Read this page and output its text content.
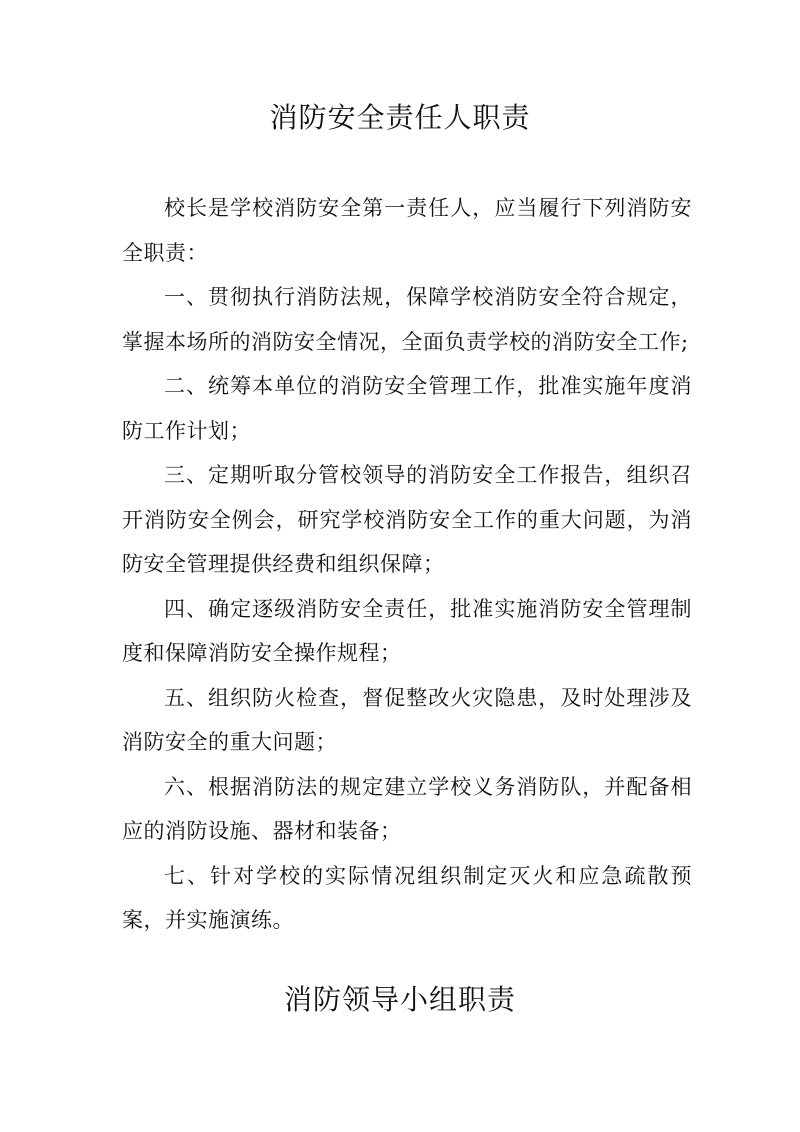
消防安全责任人职责

校长是学校消防安全第一责任人，应当履行下列消防安全职责：

一、贯彻执行消防法规，保障学校消防安全符合规定，掌握本场所的消防安全情况，全面负责学校的消防安全工作;

二、统筹本单位的消防安全管理工作，批准实施年度消防工作计划；

三、定期听取分管校领导的消防安全工作报告，组织召开消防安全例会，研究学校消防安全工作的重大问题，为消防安全管理提供经费和组织保障；

四、确定逐级消防安全责任，批准实施消防安全管理制度和保障消防安全操作规程；

五、组织防火检查，督促整改火灾隐患，及时处理涉及消防安全的重大问题；

六、根据消防法的规定建立学校义务消防队，并配备相应的消防设施、器材和装备；

七、针对学校的实际情况组织制定灭火和应急疏散预案，并实施演练。

消防领导小组职责
